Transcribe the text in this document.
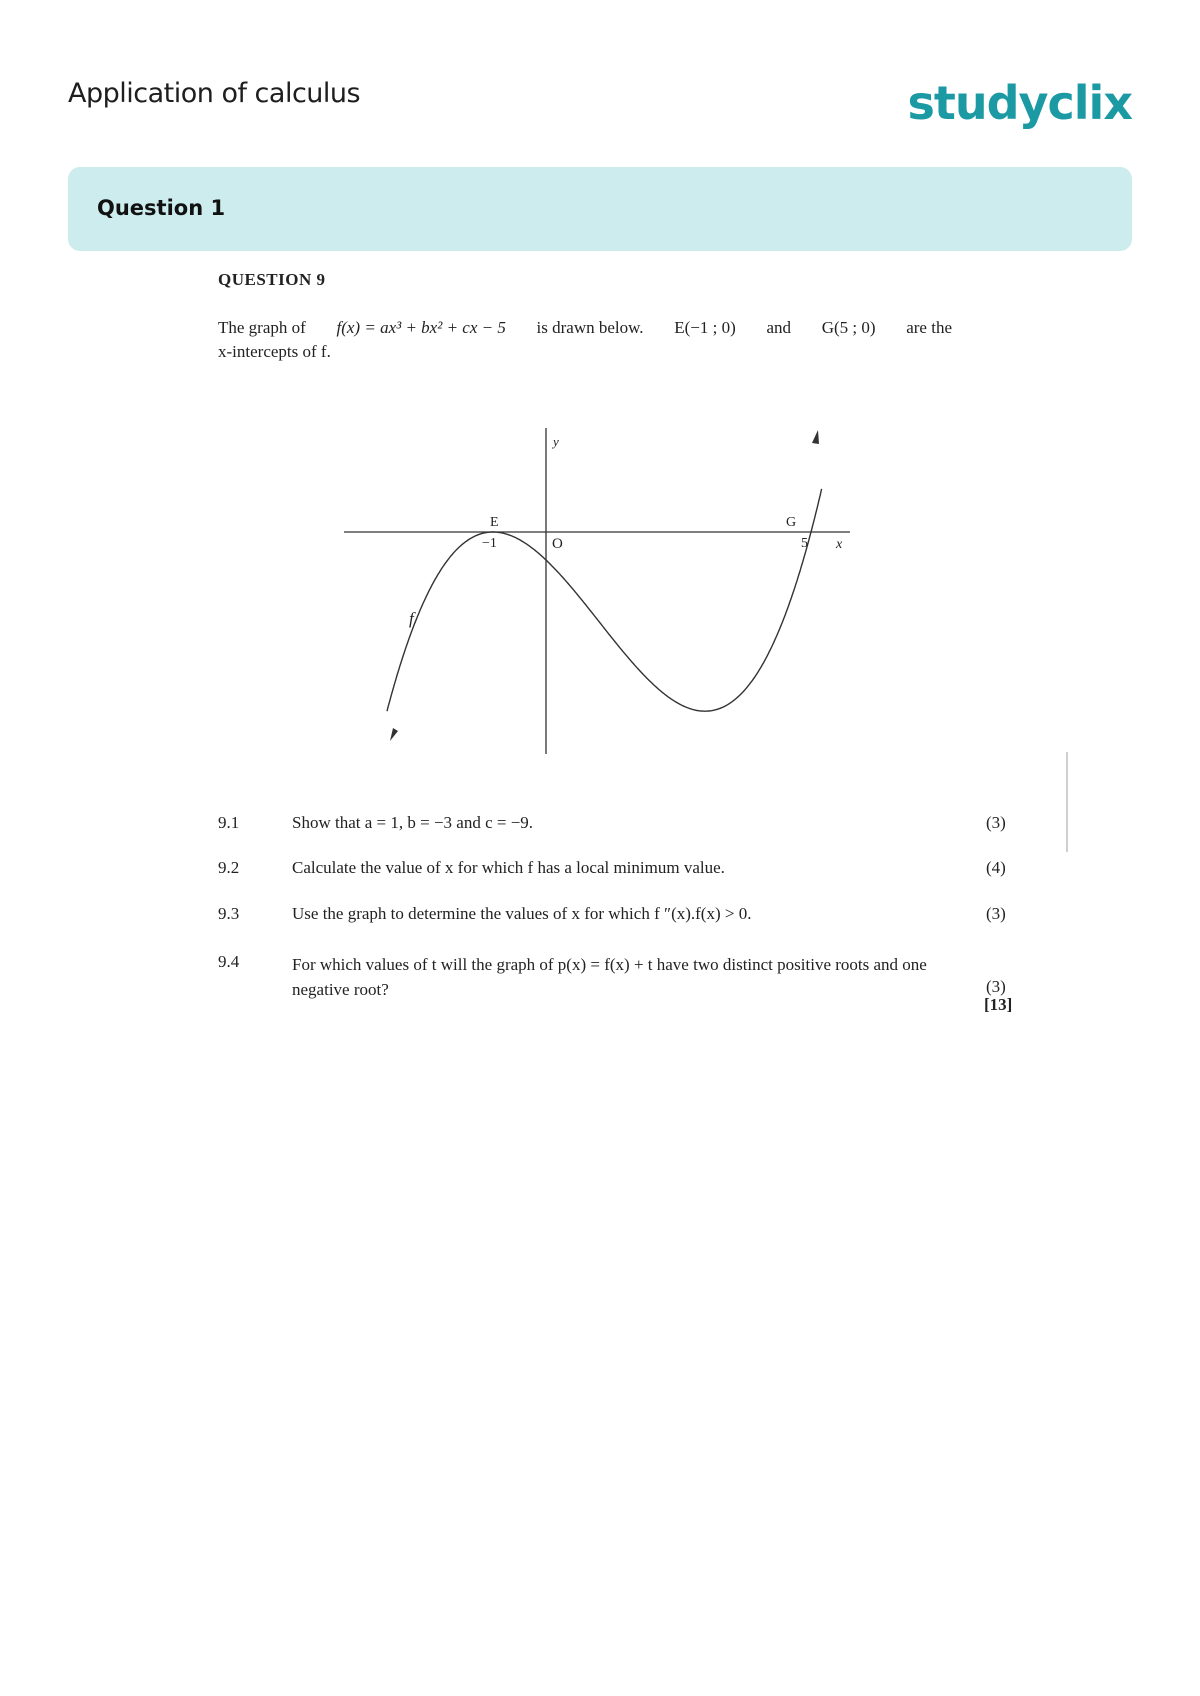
Application of calculus	studyclix
Question 1
QUESTION 9
The graph of f(x) = ax³ + bx² + cx − 5 is drawn below. E(−1 ; 0) and G(5 ; 0) are the
x-intercepts of f.
y
x
O
E
−1
G
5
f
9.1	Show that a = 1, b = −3 and c = −9.	(3)
9.2	Calculate the value of x for which f has a local minimum value.	(4)
9.3	Use the graph to determine the values of x for which f ″(x).f(x) > 0.	(3)
9.4	For which values of t will the graph of p(x) = f(x) + t have two distinct positive roots and one negative root?	(3)
[13]
